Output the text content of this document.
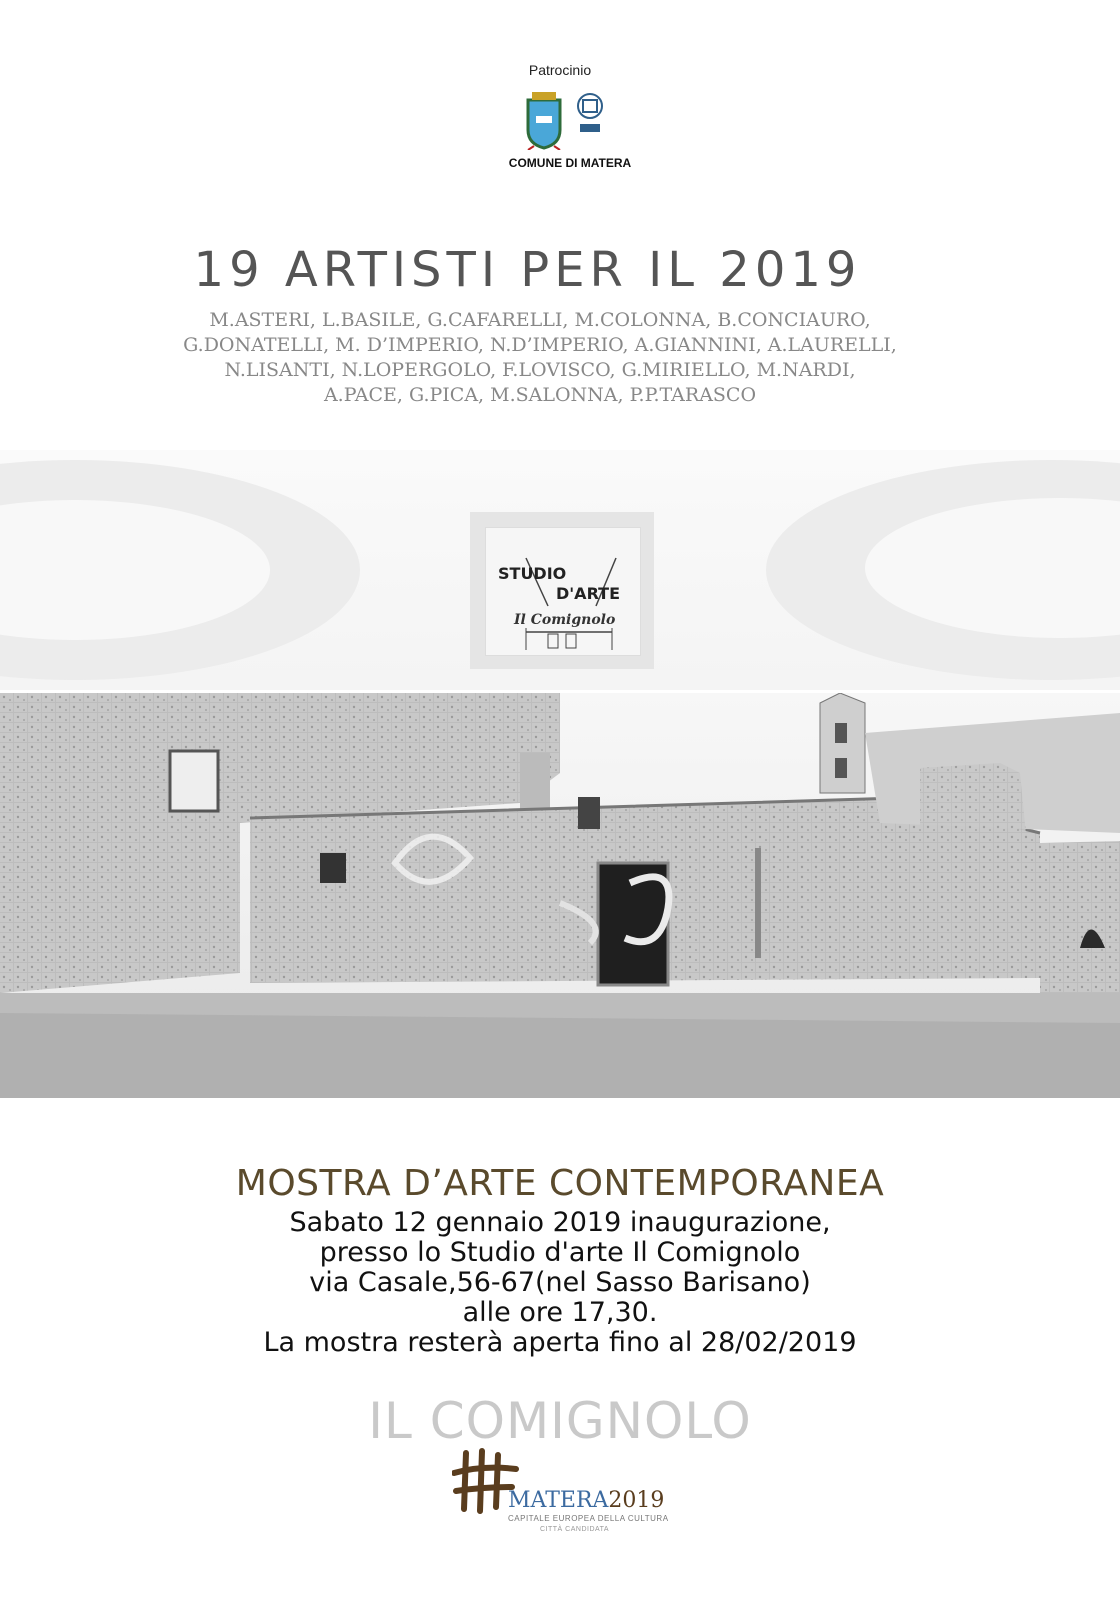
Patrocinio
COMUNE DI MATERA
19 ARTISTI PER IL 2019
M.ASTERI, L.BASILE, G.CAFARELLI, M.COLONNA, B.CONCIAURO,
G.DONATELLI, M. D’IMPERIO, N.D’IMPERIO, A.GIANNINI, A.LAURELLI,
N.LISANTI, N.LOPERGOLO, F.LOVISCO, G.MIRIELLO, M.NARDI,
A.PACE, G.PICA, M.SALONNA, P.P.TARASCO
STUDIO
D'ARTE
Il Comignolo
MOSTRA D’ARTE CONTEMPORANEA
Sabato 12 gennaio 2019 inaugurazione,
presso lo Studio d'arte Il Comignolo
via Casale,56-67(nel Sasso Barisano)
alle ore 17,30.
La mostra resterà aperta fino al 28/02/2019
IL COMIGNOLO
MATERA2019
CAPITALE EUROPEA DELLA CULTURA
CITTÀ CANDIDATA
